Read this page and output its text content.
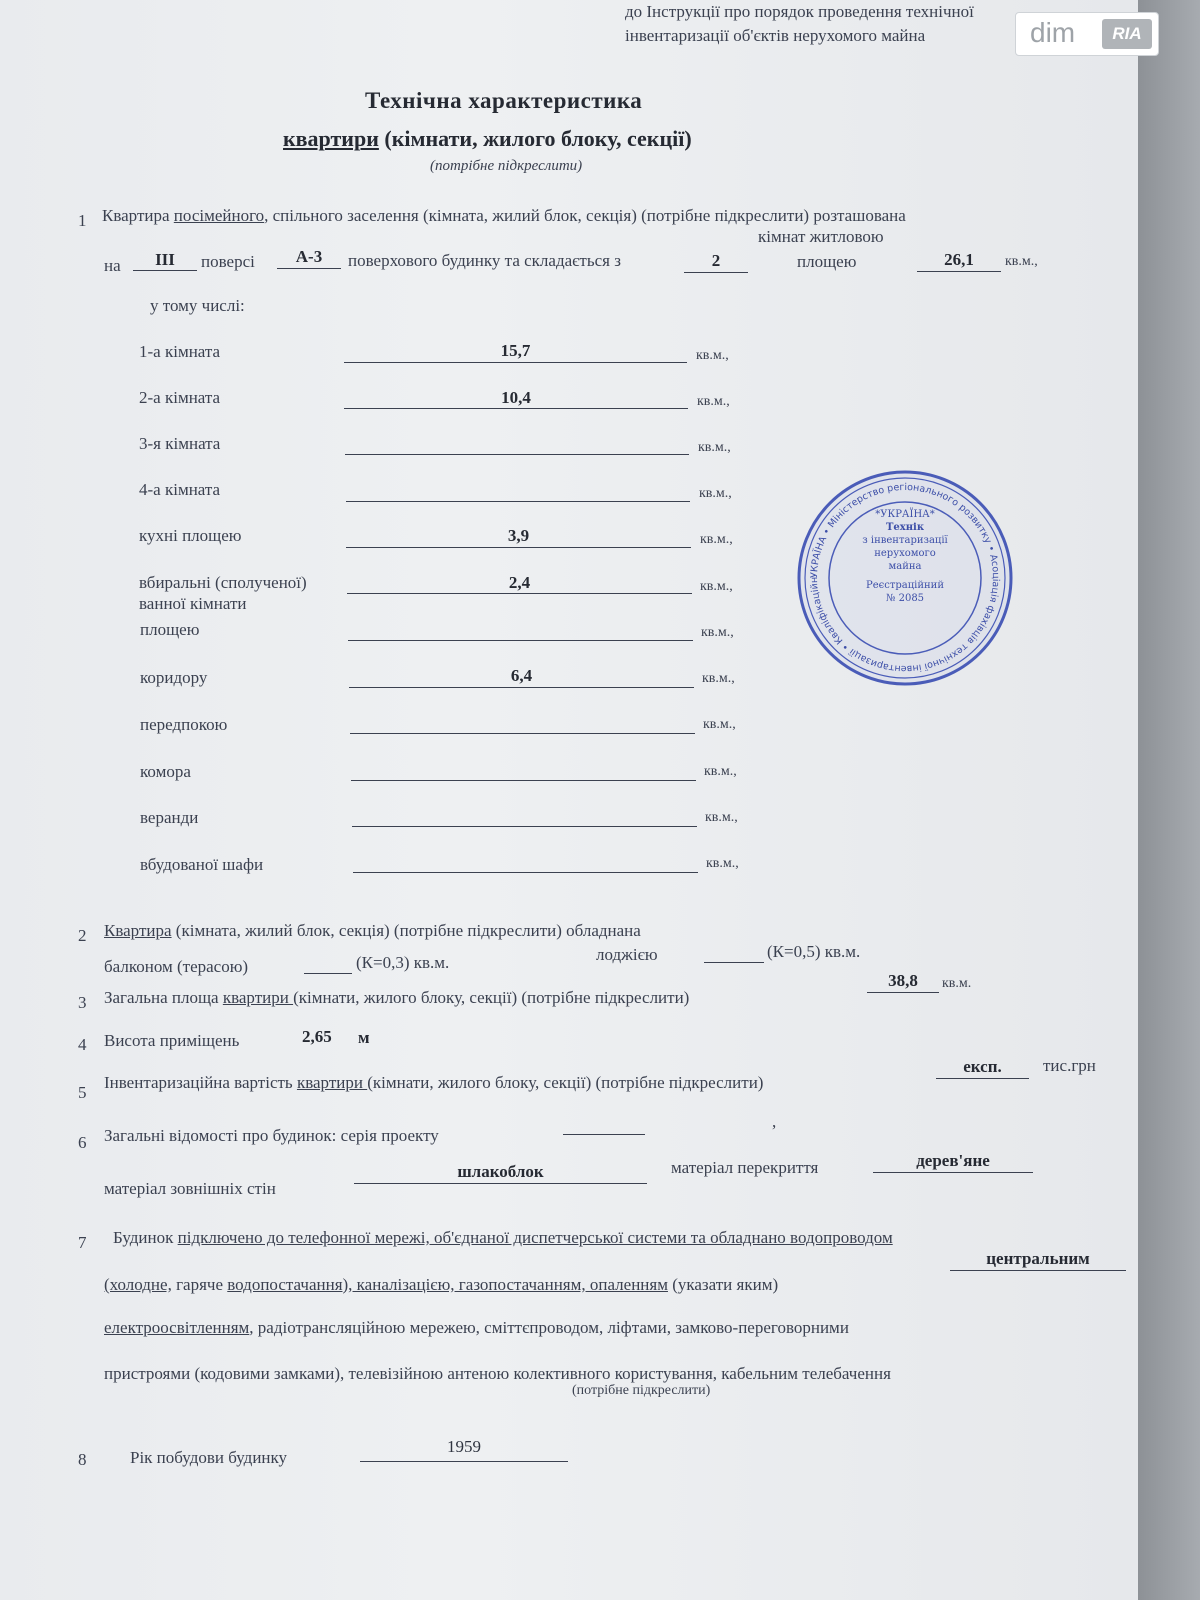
до Інструкції про порядок проведення технічної
інвентаризації об'єктів нерухомого майна
Технічна характеристика
квартири (кімнати, жилого блоку, секції)
(потрібне підкреслити)
1 Квартира посімейного, спільного заселення (кімната, жилий блок, секція) (потрібне підкреслити) розташована
кімнат житловою
на	III	поверсі	А-3	поверхового будинку та складається з	2	площею	26,1	кв.м.,
у тому числі:
1-а кімната	15,7	кв.м.,
2-а кімната	10,4	кв.м.,
3-я кімната	кв.м.,
4-а кімната	кв.м.,
кухні площею	3,9	кв.м.,
вбиральні (сполученої)	2,4	кв.м.,
ванної кімнати
площею	кв.м.,
коридору	6,4	кв.м.,
передпокою	кв.м.,
комора	кв.м.,
веранди	кв.м.,
вбудованої шафи	кв.м.,
УКРАЇНА • Міністерство регіонального розвитку • Асоціація фахівців технічної інвентаризації • Кваліфікаційн
*УКРАЇНА*
Технік
з інвентаризації
нерухомого майна
Реєстраційний
№ 2085
2 Квартира (кімната, жилий блок, секція) (потрібне підкреслити) обладнана
балконом (терасою)	(К=0,3) кв.м.	лоджією	(К=0,5) кв.м.
3 Загальна площа квартири (кімнати, жилого блоку, секції) (потрібне підкреслити)
38,8	кв.м.
4 Висота приміщень	2,65 м
5
Інвентаризаційна вартість квартири (кімнати, жилого блоку, секції) (потрібне підкреслити)
експ.	тис.грн
6 Загальні відомості про будинок: серія проекту
,
матеріал зовнішніх стін
шлакоблок	матеріал перекриття	дерев'яне
7 Будинок підключено до телефонної мережі, об'єднаної диспетчерської системи та обладнано водопроводом
(холодне, гаряче водопостачання), каналізацією, газопостачанням, опаленням (указати яким)
центральним
електроосвітленням, радіотрансляційною мережею, сміттєпроводом, ліфтами, замково-переговорними
пристроями (кодовими замками), телевізійною антеною колективного користування, кабельним телебачення
(потрібне підкреслити)
8	Рік побудови будинку
1959
dim	RIA
